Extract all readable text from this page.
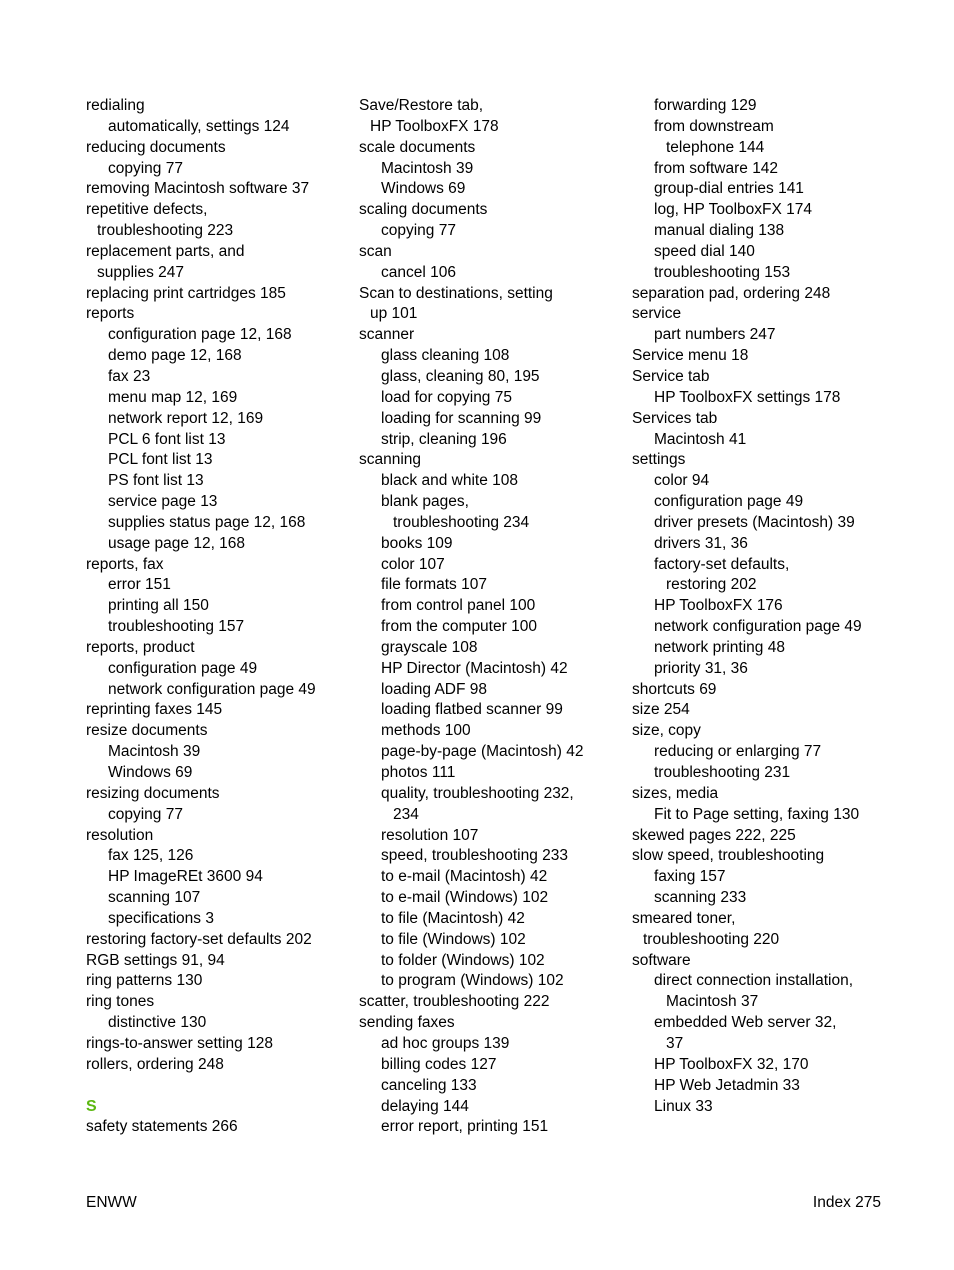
redialing
automatically, settings 124
reducing documents
copying 77
removing Macintosh software 37
repetitive defects,
troubleshooting 223
replacement parts, and
supplies 247
replacing print cartridges 185
reports
configuration page 12, 168
demo page 12, 168
fax 23
menu map 12, 169
network report 12, 169
PCL 6 font list 13
PCL font list 13
PS font list 13
service page 13
supplies status page 12, 168
usage page 12, 168
reports, fax
error 151
printing all 150
troubleshooting 157
reports, product
configuration page 49
network configuration page 49
reprinting faxes 145
resize documents
Macintosh 39
Windows 69
resizing documents
copying 77
resolution
fax 125, 126
HP ImageREt 3600 94
scanning 107
specifications 3
restoring factory-set defaults 202
RGB settings 91, 94
ring patterns 130
ring tones
distinctive 130
rings-to-answer setting 128
rollers, ordering 248
S
safety statements 266
Save/Restore tab,
HP ToolboxFX 178
scale documents
Macintosh 39
Windows 69
scaling documents
copying 77
scan
cancel 106
Scan to destinations, setting
up 101
scanner
glass cleaning 108
glass, cleaning 80, 195
load for copying 75
loading for scanning 99
strip, cleaning 196
scanning
black and white 108
blank pages,
troubleshooting 234
books 109
color 107
file formats 107
from control panel 100
from the computer 100
grayscale 108
HP Director (Macintosh) 42
loading ADF 98
loading flatbed scanner 99
methods 100
page-by-page (Macintosh) 42
photos 111
quality, troubleshooting 232,
234
resolution 107
speed, troubleshooting 233
to e-mail (Macintosh) 42
to e-mail (Windows) 102
to file (Macintosh) 42
to file (Windows) 102
to folder (Windows) 102
to program (Windows) 102
scatter, troubleshooting 222
sending faxes
ad hoc groups 139
billing codes 127
canceling 133
delaying 144
error report, printing 151
forwarding 129
from downstream
telephone 144
from software 142
group-dial entries 141
log, HP ToolboxFX 174
manual dialing 138
speed dial 140
troubleshooting 153
separation pad, ordering 248
service
part numbers 247
Service menu 18
Service tab
HP ToolboxFX settings 178
Services tab
Macintosh 41
settings
color 94
configuration page 49
driver presets (Macintosh) 39
drivers 31, 36
factory-set defaults,
restoring 202
HP ToolboxFX 176
network configuration page 49
network printing 48
priority 31, 36
shortcuts 69
size 254
size, copy
reducing or enlarging 77
troubleshooting 231
sizes, media
Fit to Page setting, faxing 130
skewed pages 222, 225
slow speed, troubleshooting
faxing 157
scanning 233
smeared toner,
troubleshooting 220
software
direct connection installation,
Macintosh 37
embedded Web server 32,
37
HP ToolboxFX 32, 170
HP Web Jetadmin 33
Linux 33
ENWW	Index 275
